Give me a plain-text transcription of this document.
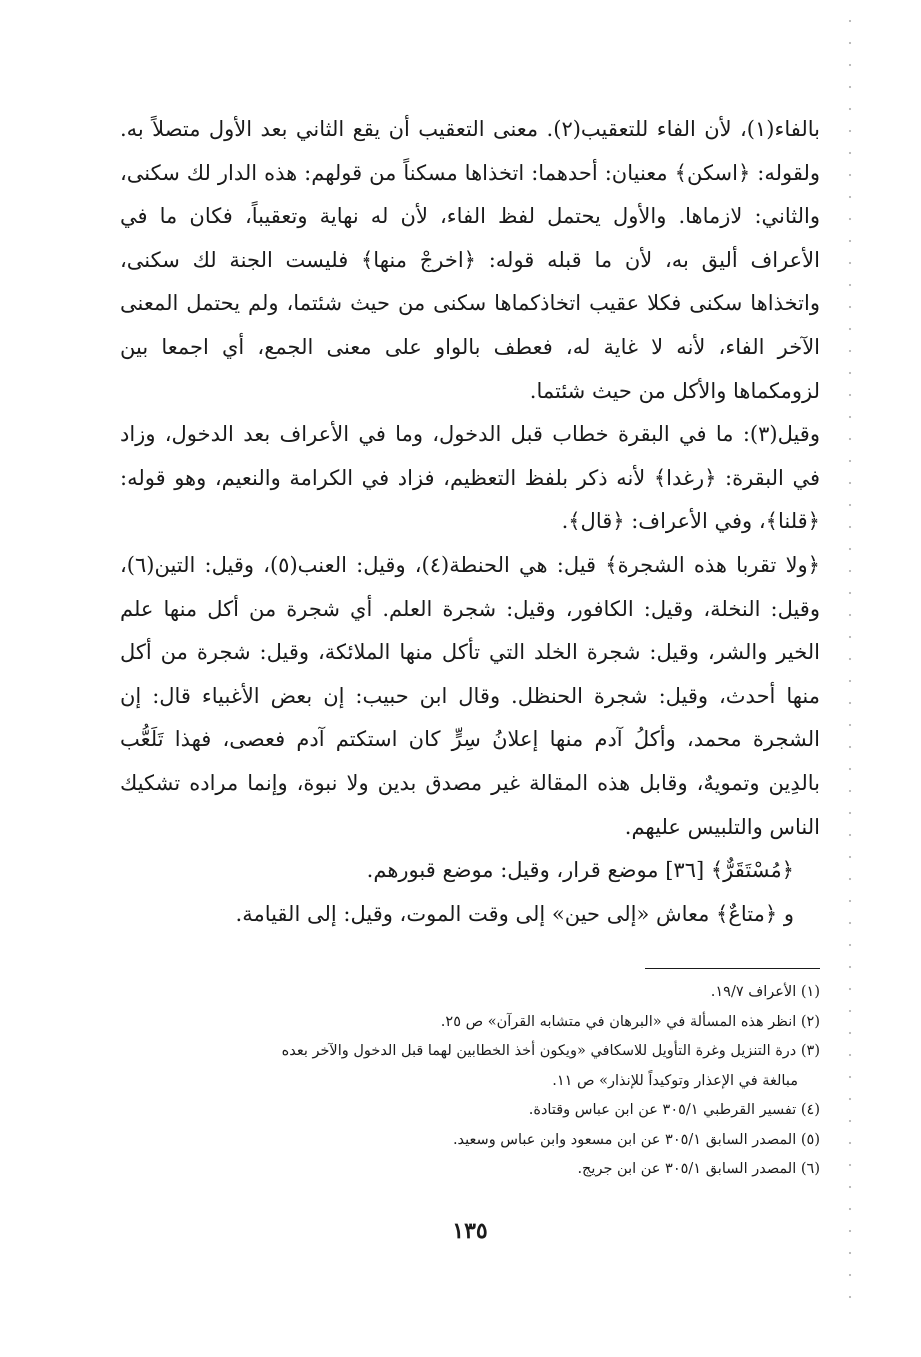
بالفاء(١)، لأن الفاء للتعقيب(٢). معنى التعقيب أن يقع الثاني بعد الأول متصلاً به. ولقوله: ﴿اسكن﴾ معنيان: أحدهما: اتخذاها مسكناً من قولهم: هذه الدار لك سكنى، والثاني: لازماها. والأول يحتمل لفظ الفاء، لأن له نهاية وتعقيباً، فكان ما في الأعراف أليق به، لأن ما قبله قوله: ﴿اخرجْ منها﴾ فليست الجنة لك سكنى، واتخذاها سكنى فكلا عقيب اتخاذكماها سكنى من حيث شئتما، ولم يحتمل المعنى الآخر الفاء، لأنه لا غاية له، فعطف بالواو على معنى الجمع، أي اجمعا بين لزومكماها والأكل من حيث شئتما.

وقيل(٣): ما في البقرة خطاب قبل الدخول، وما في الأعراف بعد الدخول، وزاد في البقرة: ﴿رغدا﴾ لأنه ذكر بلفظ التعظيم، فزاد في الكرامة والنعيم، وهو قوله: ﴿قلنا﴾، وفي الأعراف: ﴿قال﴾.

﴿ولا تقربا هذه الشجرة﴾ قيل: هي الحنطة(٤)، وقيل: العنب(٥)، وقيل: التين(٦)، وقيل: النخلة، وقيل: الكافور، وقيل: شجرة العلم. أي شجرة من أكل منها علم الخير والشر، وقيل: شجرة الخلد التي تأكل منها الملائكة، وقيل: شجرة من أكل منها أحدث، وقيل: شجرة الحنظل. وقال ابن حبيب: إن بعض الأغبياء قال: إن الشجرة محمد، وأكلُ آدم منها إعلانُ سِرٍّ كان استكتم آدم فعصى، فهذا تَلَعُّب بالدِين وتمويهٌ، وقابل هذه المقالة غير مصدق بدين ولا نبوة، وإنما مراده تشكيك الناس والتلبيس عليهم.

﴿مُسْتَقَرٌّ﴾ [٣٦] موضع قرار، وقيل: موضع قبورهم.

و ﴿متاعٌ﴾ معاش «إلى حين» إلى وقت الموت، وقيل: إلى القيامة.

(١) الأعراف ١٩/٧.

(٢) انظر هذه المسألة في «البرهان في متشابه القرآن» ص ٢٥.

(٣) درة التنزيل وغرة التأويل للاسكافي «ويكون أخذ الخطابين لهما قبل الدخول والآخر بعده

مبالغة في الإعذار وتوكيداً للإنذار» ص ١١.

(٤) تفسير القرطبي ٣٠٥/١ عن ابن عباس وقتادة.

(٥) المصدر السابق ٣٠٥/١ عن ابن مسعود وابن عباس وسعيد.

(٦) المصدر السابق ٣٠٥/١ عن ابن جريج.

١٣٥
